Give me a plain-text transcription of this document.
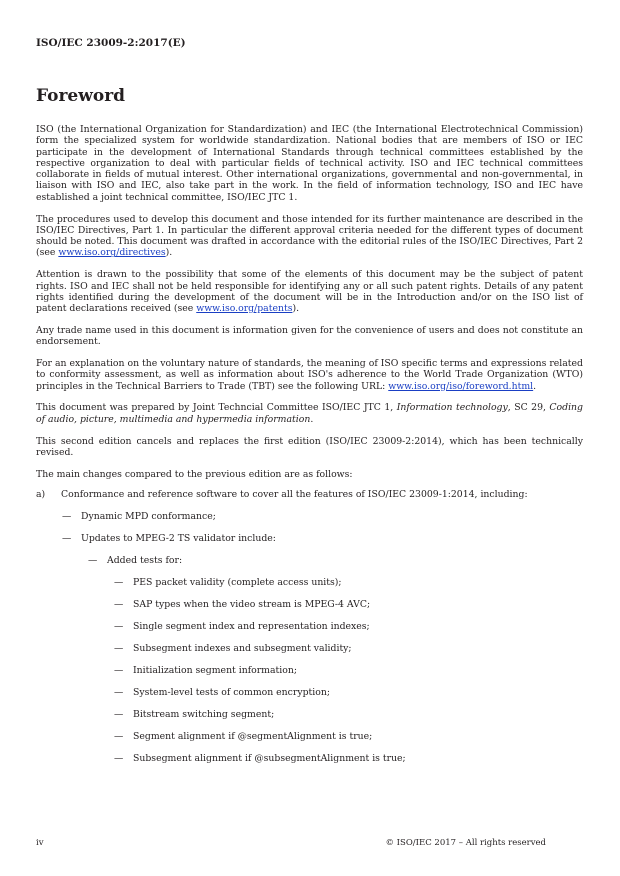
ISO/IEC 23009-2:2017(E)
Foreword

ISO (the International Organization for Standardization) and IEC (the International Electrotechnical Commission) form the specialized system for worldwide standardization. National bodies that are members of ISO or IEC participate in the development of International Standards through technical committees established by the respective organization to deal with particular fields of technical activity. ISO and IEC technical committees collaborate in fields of mutual interest. Other international organizations, governmental and non-governmental, in liaison with ISO and IEC, also take part in the work. In the field of information technology, ISO and IEC have established a joint technical committee, ISO/IEC JTC 1.

The procedures used to develop this document and those intended for its further maintenance are described in the ISO/IEC Directives, Part 1. In particular the different approval criteria needed for the different types of document should be noted. This document was drafted in accordance with the editorial rules of the ISO/IEC Directives, Part 2 (see www.iso.org/directives).

Attention is drawn to the possibility that some of the elements of this document may be the subject of patent rights. ISO and IEC shall not be held responsible for identifying any or all such patent rights. Details of any patent rights identified during the development of the document will be in the Introduction and/or on the ISO list of patent declarations received (see www.iso.org/patents).

Any trade name used in this document is information given for the convenience of users and does not constitute an endorsement.

For an explanation on the voluntary nature of standards, the meaning of ISO specific terms and expressions related to conformity assessment, as well as information about ISO's adherence to the World Trade Organization (WTO) principles in the Technical Barriers to Trade (TBT) see the following URL: www.iso.org/iso/foreword.html.

This document was prepared by Joint Techncial Committee ISO/IEC JTC 1, Information technology, SC 29, Coding of audio, picture, multimedia and hypermedia information.

This second edition cancels and replaces the first edition (ISO/IEC 23009-2:2014), which has been technically revised.

The main changes compared to the previous edition are as follows:

a)	Conformance and reference software to cover all the features of ISO/IEC 23009-1:2014, including:
—	Dynamic MPD conformance;
—	Updates to MPEG-2 TS validator include:
—	Added tests for:
—	PES packet validity (complete access units);
—	SAP types when the video stream is MPEG-4 AVC;
—	Single segment index and representation indexes;
—	Subsegment indexes and subsegment validity;
—	Initialization segment information;
—	System-level tests of common encryption;
—	Bitstream switching segment;
—	Segment alignment if @segmentAlignment is true;
—	Subsegment alignment if @subsegmentAlignment is true;
iv	© ISO/IEC 2017 – All rights reserved
